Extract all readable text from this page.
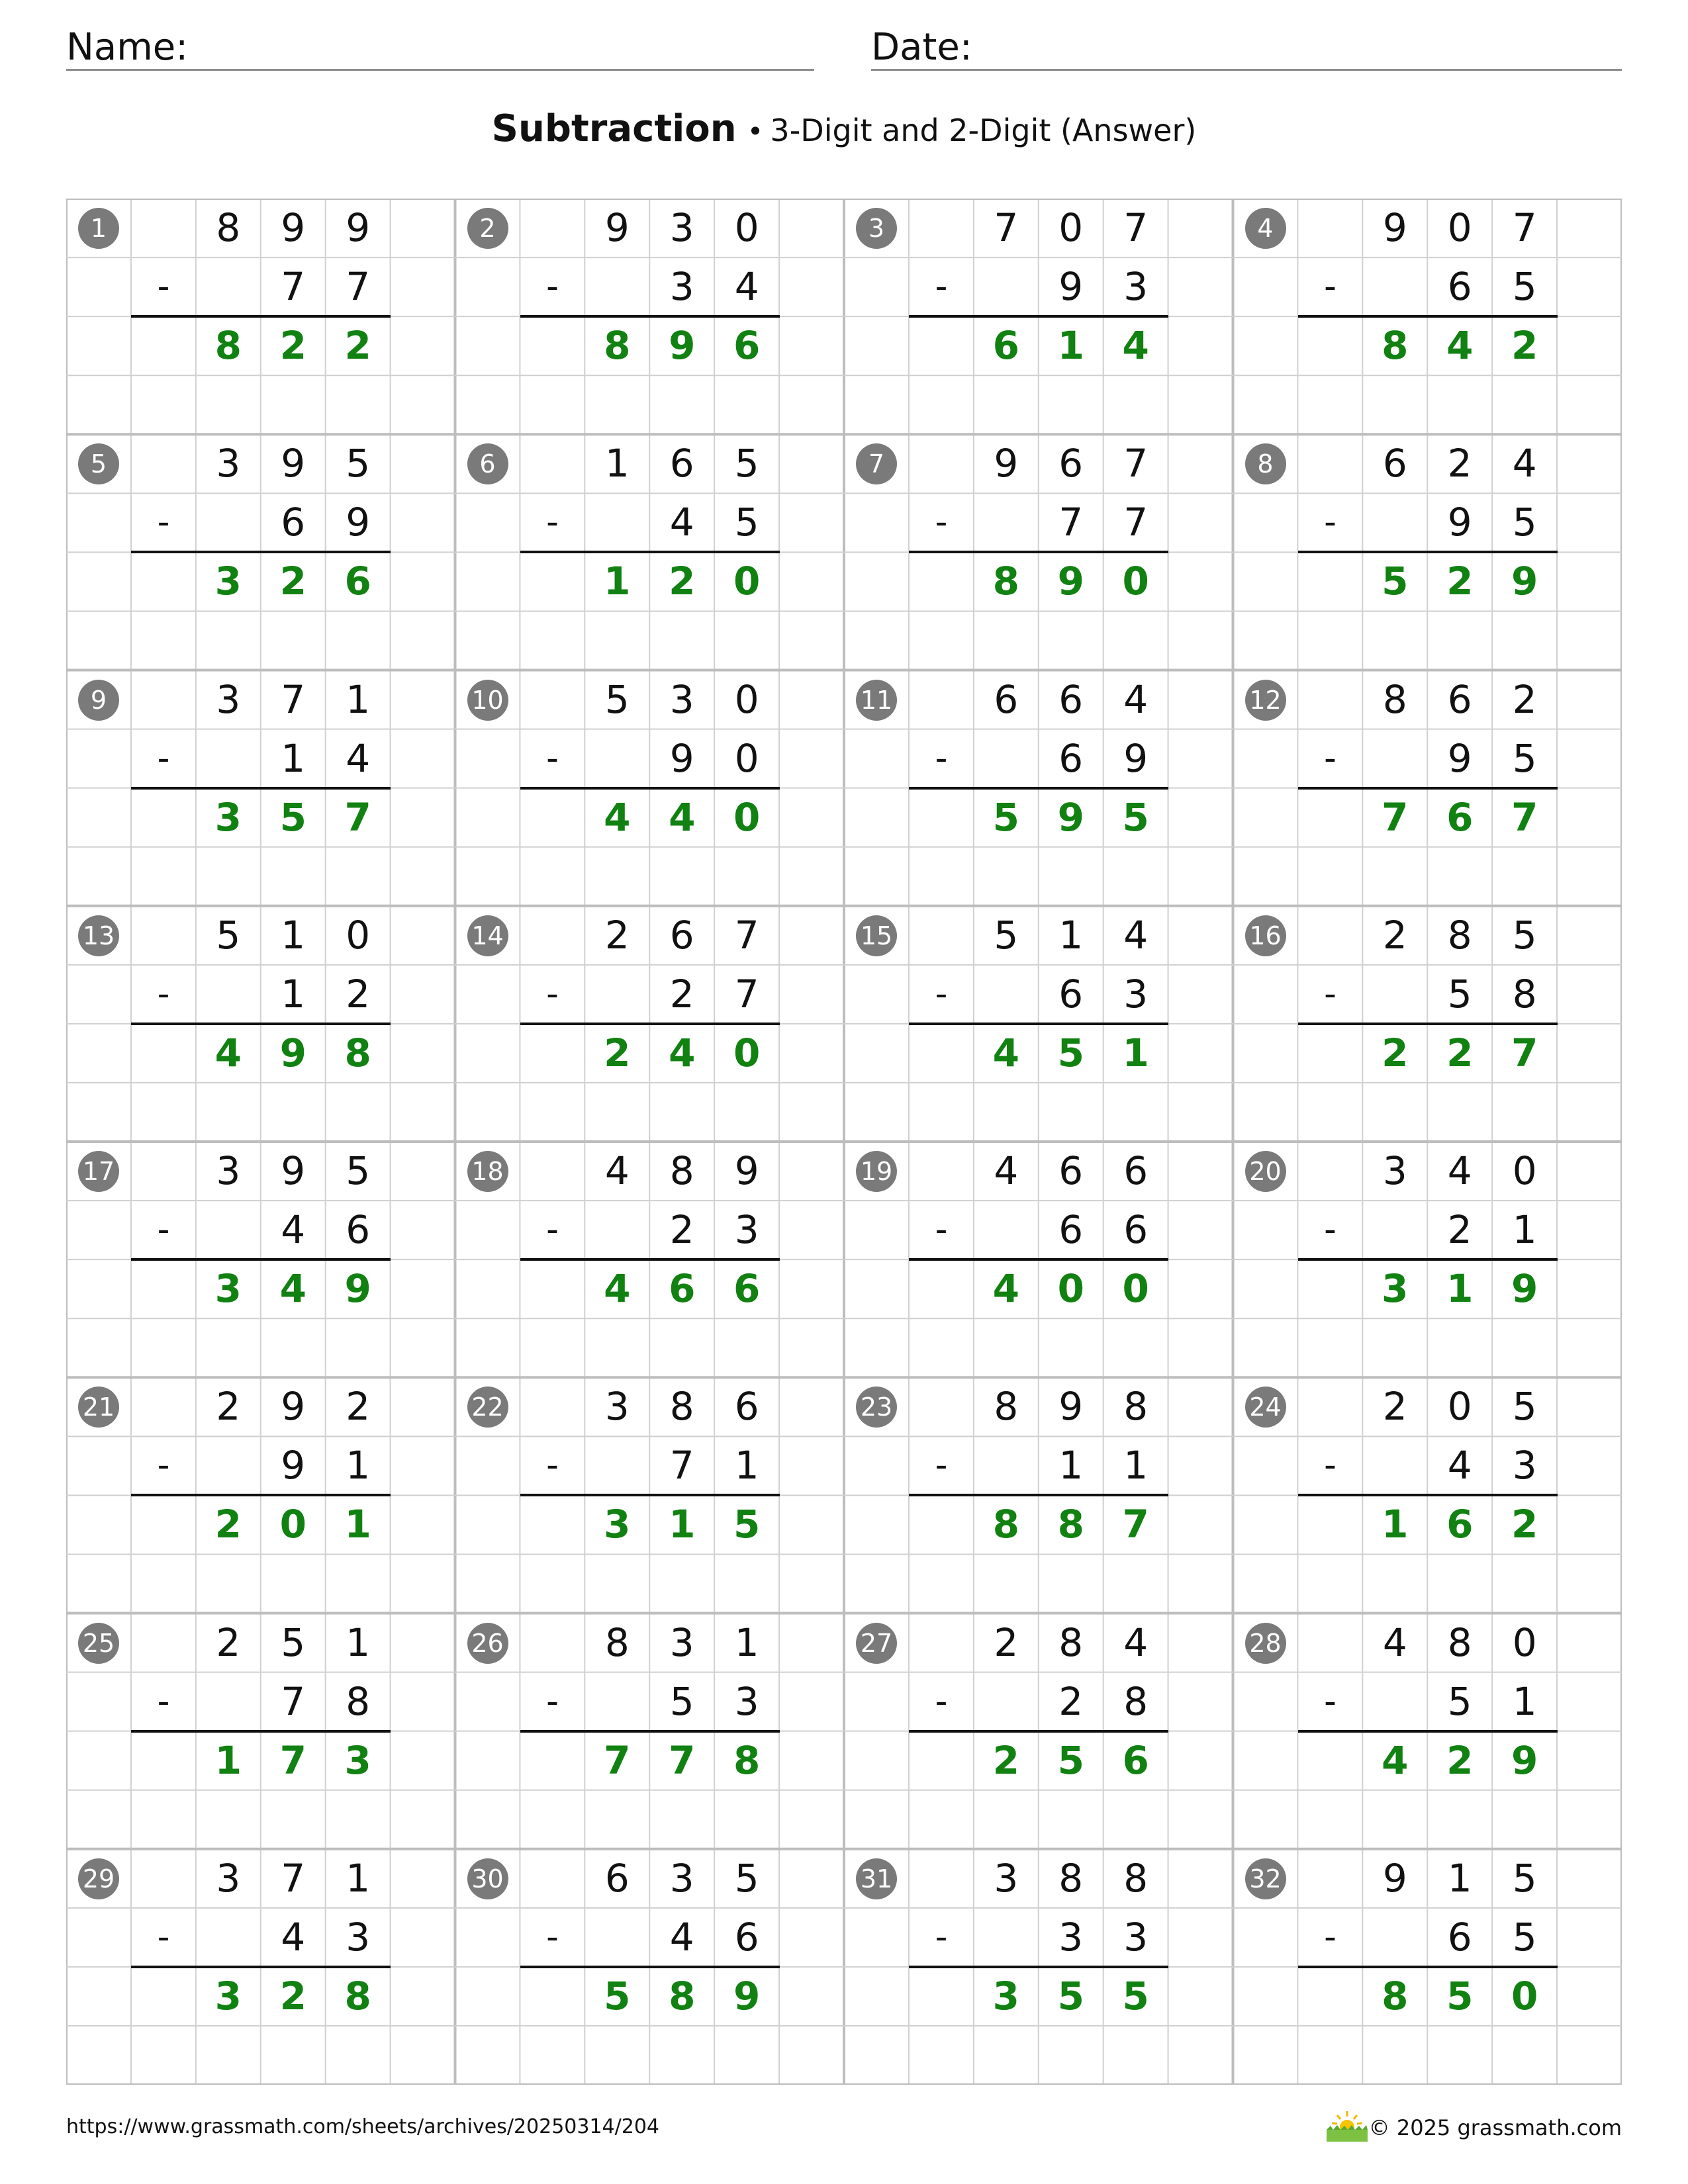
Name:	Date:
Subtraction • 3-Digit and 2-Digit (Answer)
1	8	9	9
-	7	7
8 2 2
2	9	3	0
-	3	4
8 9 6
3	7	0	7
-	9	3
6 1 4
4	9	0	7
-	6	5
8 4 2
5	3	9	5
-	6	9
3 2 6
6	1	6	5
-	4	5
1 2 0
7	9	6	7
-	7	7
8 9 0
8	6	2	4
-	9	5
5 2 9
9	3	7	1
-	1	4
3 5 7
10	5	3	0
-	9	0
4 4 0
11	6	6	4
-	6	9
5 9 5
12	8	6	2
-	9	5
7 6 7
13	5	1	0
-	1	2
4 9 8
14	2	6	7
-	2	7
2 4 0
15	5	1	4
-	6	3
4 5 1
16	2	8	5
-	5	8
2 2 7
17	3	9	5
-	4	6
3 4 9
18	4	8	9
-	2	3
4 6 6
19	4	6	6
-	6	6
4 0 0
20	3	4	0
-	2	1
3 1 9
21	2	9	2
-	9	1
2 0 1
22	3	8	6
-	7	1
3 1 5
23	8	9	8
-	1	1
8 8 7
24	2	0	5
-	4	3
1 6 2
25	2	5	1
-	7	8
1 7 3
26	8	3	1
-	5	3
7 7 8
27	2	8	4
-	2	8
2 5 6
28	4	8	0
-	5	1
4 2 9
29	3	7	1
-	4	3
3 2 8
30	6	3	5
-	4	6
5 8 9
31	3	8	8
-	3	3
3 5 5
32	9	1	5
-	6	5
8 5 0
https://www.grassmath.com/sheets/archives/20250314/204	© 2025 grassmath.com
